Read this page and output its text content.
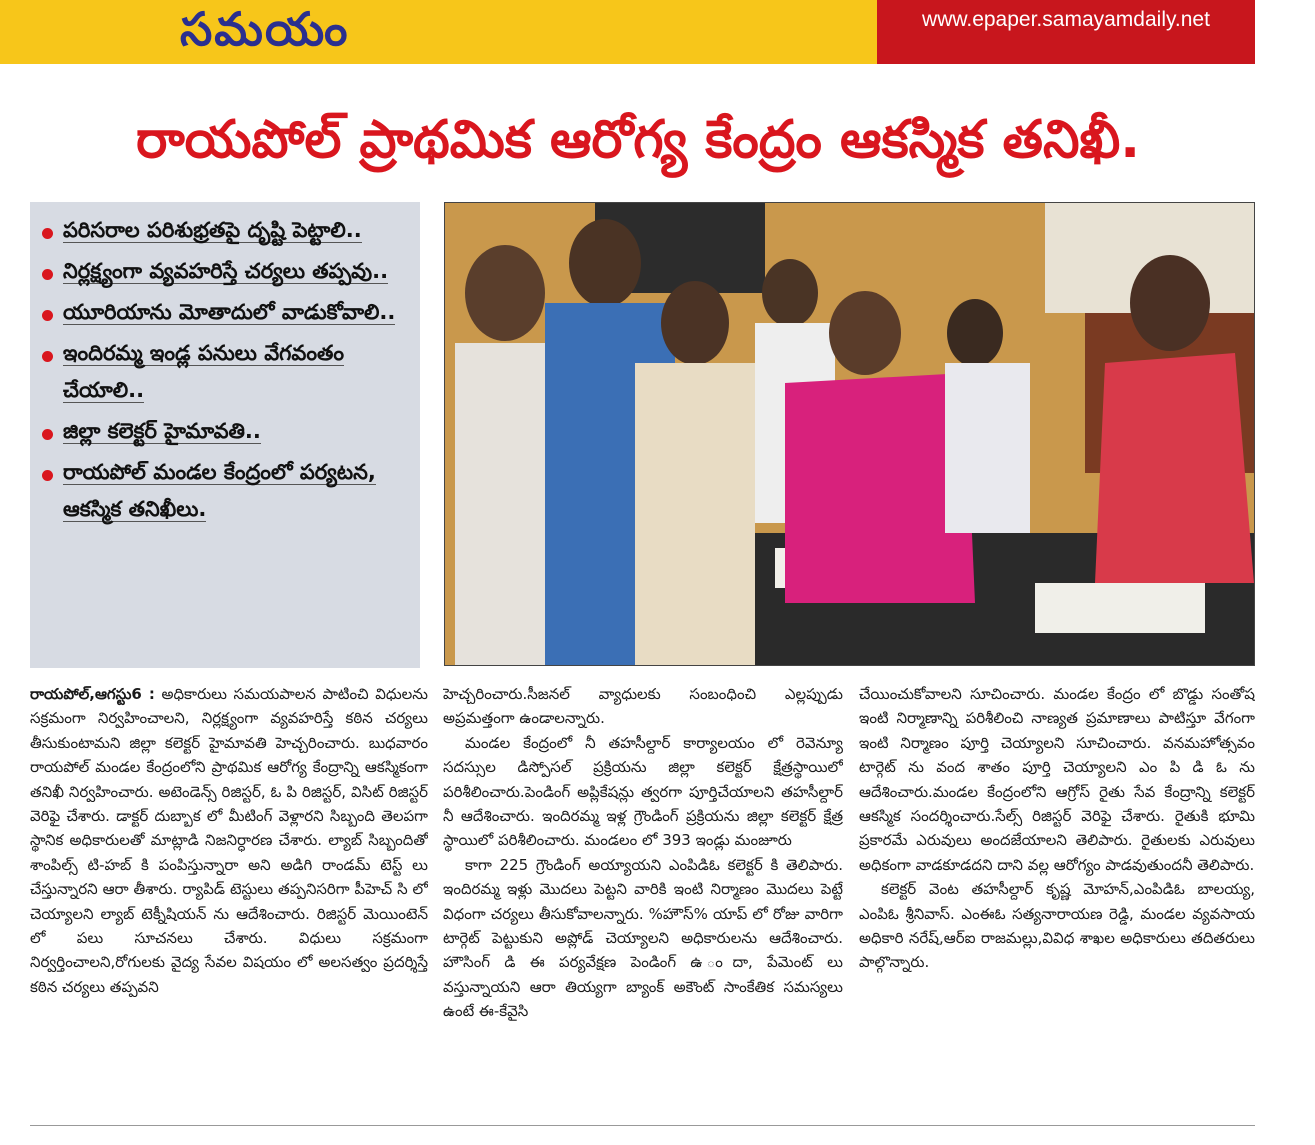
సమయం	www.epaper.samayamdaily.net
రాయపోల్ ప్రాథమిక ఆరోగ్య కేంద్రం ఆకస్మిక తనిఖీ.
పరిసరాల పరిశుభ్రతపై దృష్టి పెట్టాలి..
నిర్లక్ష్యంగా వ్యవహరిస్తే చర్యలు తప్పవు..
యూరియాను మోతాదులో వాడుకోవాలి..
ఇందిరమ్మ ఇండ్ల పనులు వేగవంతం చేయాలి..
జిల్లా కలెక్టర్ హైమావతి..
రాయపోల్ మండల కేంద్రంలో పర్యటన, ఆకస్మిక తనిఖీలు.

రాయపోల్,ఆగస్టు6 : అధికారులు సమయపాలన పాటించి విధులను సక్రమంగా నిర్వహించాలని, నిర్లక్ష్యంగా వ్యవహరిస్తే కఠిన చర్యలు తీసుకుంటామని జిల్లా కలెక్టర్ హైమావతి హెచ్చరించారు. బుధవారం రాయపోల్ మండల కేంద్రంలోని ప్రాథమిక ఆరోగ్య కేంద్రాన్ని ఆకస్మికంగా తనిఖీ నిర్వహించారు. అటెండెన్స్ రిజిస్టర్, ఓ పి రిజిస్టర్, విసిట్ రిజిస్టర్ వెరిఫై చేశారు. డాక్టర్ దుబ్బాక లో మీటింగ్ వెళ్లారని సిబ్బంది తెలపగా స్థానిక అధికారులతో మాట్లాడి నిజనిర్ధారణ చేశారు. ల్యాబ్ సిబ్బందితో శాంపిల్స్ టి-హబ్ కి పంపిస్తున్నారా అని అడిగి రాండమ్ టెస్ట్ లు చేస్తున్నారని ఆరా తీశారు. ర్యాపిడ్ టెస్టులు తప్పనిసరిగా పీహెచ్ సి లో చెయ్యాలని ల్యాబ్ టెక్నీషియన్ ను ఆదేశించారు. రిజిస్టర్ మెయింటెన్ లో పలు సూచనలు చేశారు. విధులు సక్రమంగా నిర్వర్తించాలని,రోగులకు వైద్య సేవల విషయం లో అలసత్వం ప్రదర్శిస్తే కఠిన చర్యలు తప్పవని

హెచ్చరించారు.సీజనల్ వ్యాధులకు సంబంధించి ఎల్లప్పుడు అప్రమత్తంగా ఉండాలన్నారు.

మండల కేంద్రంలో నీ తహసీల్దార్ కార్యాలయం లో రెవెన్యూ సదస్సుల డిస్పోసల్ ప్రక్రియను జిల్లా కలెక్టర్ క్షేత్రస్థాయిలో పరిశీలించారు.పెండింగ్ అప్లికేషన్లు త్వరగా పూర్తిచేయాలని తహసీల్దార్ నీ ఆదేశించారు. ఇందిరమ్మ ఇళ్ల గ్రౌండింగ్ ప్రక్రియను జిల్లా కలెక్టర్ క్షేత్ర స్థాయిలో పరిశీలించారు. మండలం లో 393 ఇండ్లు మంజూరు

కాగా 225 గ్రౌండింగ్ అయ్యాయని ఎంపిడిఓ కలెక్టర్ కి తెలిపారు. ఇందిరమ్మ ఇళ్లు మొదలు పెట్టని వారికి ఇంటి నిర్మాణం మొదలు పెట్టే విధంగా చర్యలు తీసుకోవాలన్నారు. %హౌస్% యాప్ లో రోజు వారిగా టార్గెట్ పెట్టుకుని అప్లోడ్ చెయ్యాలని అధికారులను ఆదేశించారు. హౌసింగ్ డి ఈ పర్యవేక్షణ పెండింగ్ ఉ ందా, పేమెంట్ లు వస్తున్నాయని ఆరా తియ్యగా బ్యాంక్ అకౌంట్ సాంకేతిక సమస్యలు ఉంటే ఈ-కేవైసి

చేయించుకోవాలని సూచించారు. మండల కేంద్రం లో బొడ్డు సంతోష ఇంటి నిర్మాణాన్ని పరిశీలించి నాణ్యత ప్రమాణాలు పాటిస్తూ వేగంగా ఇంటి నిర్మాణం పూర్తి చెయ్యాలని సూచించారు. వనమహోత్సవం టార్గెట్ ను వంద శాతం పూర్తి చెయ్యాలని ఎం పి డి ఓ ను ఆదేశించారు.మండల కేంద్రంలోని ఆగ్రోస్ రైతు సేవ కేంద్రాన్ని కలెక్టర్ ఆకస్మిక సందర్శించారు.సేల్స్ రిజిస్టర్ వెరిఫై చేశారు. రైతుకి భూమి ప్రకారమే ఎరువులు అందజేయాలని తెలిపారు. రైతులకు ఎరువులు అధికంగా వాడకూడదని దాని వల్ల ఆరోగ్యం పాడవుతుందనీ తెలిపారు.

కలెక్టర్ వెంట తహసీల్దార్ కృష్ణ మోహన్,ఎంపిడిఓ బాలయ్య, ఎంపిఓ శ్రీనివాస్. ఎంఈఓ సత్యనారాయణ రెడ్డి, మండల వ్యవసాయ అధికారి నరేష్,ఆర్ఐ రాజమల్లు,వివిధ శాఖల అధికారులు తదితరులు పాల్గొన్నారు.
